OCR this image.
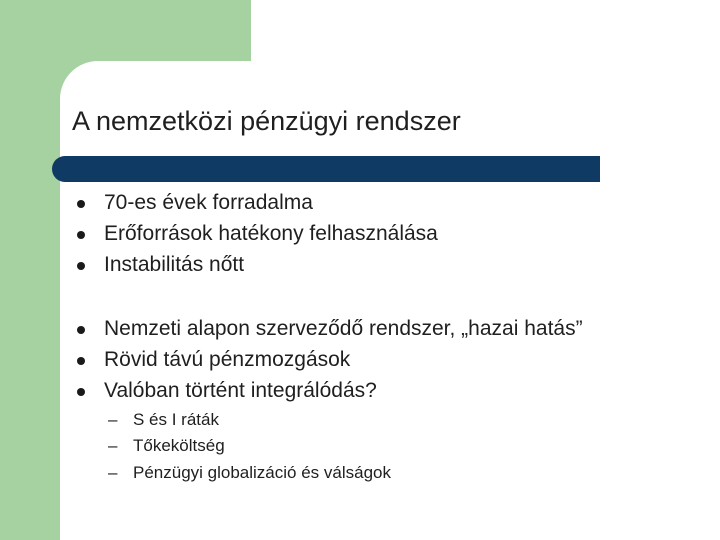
A nemzetközi pénzügyi rendszer
70-es évek forradalma
Erőforrások hatékony felhasználása
Instabilitás nőtt
Nemzeti alapon szerveződő rendszer, „hazai hatás”
Rövid távú pénzmozgások
Valóban történt integrálódás?
– S és I ráták
– Tőkeköltség
– Pénzügyi globalizáció és válságok
